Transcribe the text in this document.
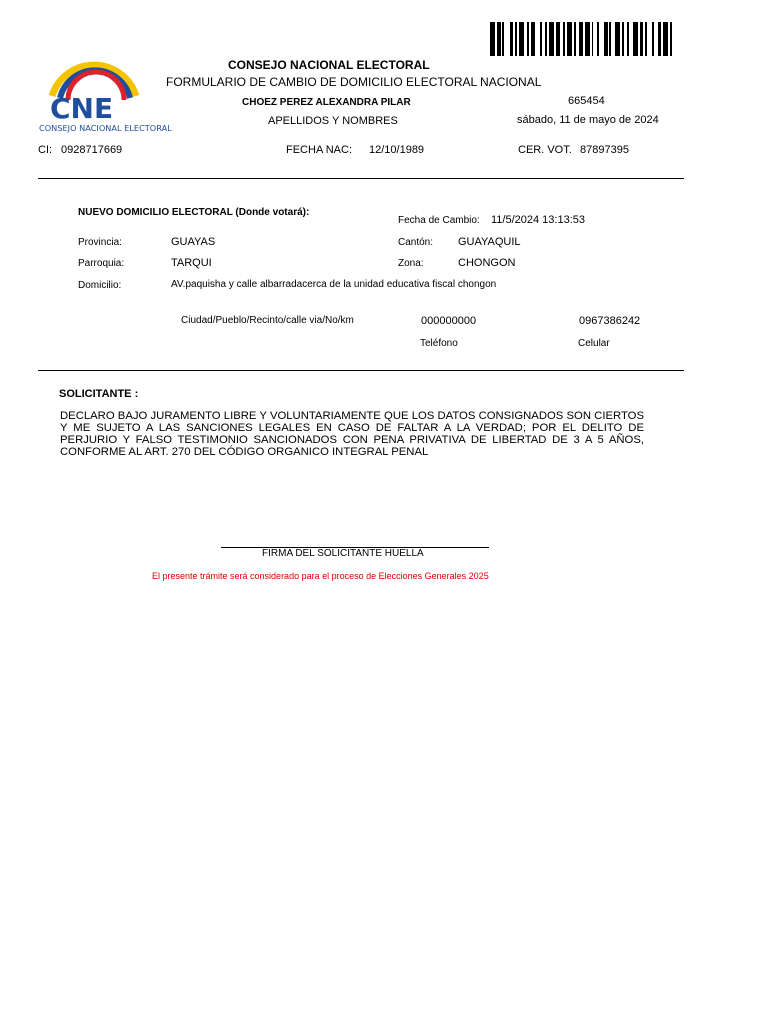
CNE
CONSEJO NACIONAL ELECTORAL
CONSEJO NACIONAL ELECTORAL
FORMULARIO DE CAMBIO DE DOMICILIO ELECTORAL NACIONAL
CHOEZ PEREZ ALEXANDRA PILAR
APELLIDOS Y NOMBRES
665454
sábado, 11 de mayo de 2024
CI: 0928717669	FECHA NAC: 12/10/1989	CER. VOT. 87897395
NUEVO DOMICILIO ELECTORAL (Donde votará):
Fecha de Cambio: 11/5/2024 13:13:53
Provincia:	GUAYAS	Cantón: GUAYAQUIL
Parroquia:	TARQUI	Zona:	CHONGON
Domicilio:	AV.paquisha y calle albarradacerca de la unidad educativa fiscal chongon
Ciudad/Pueblo/Recinto/calle via/No/km	000000000	0967386242
Teléfono	Celular
SOLICITANTE :
DECLARO BAJO JURAMENTO LIBRE Y VOLUNTARIAMENTE QUE LOS DATOS CONSIGNADOS SON CIERTOS Y ME SUJETO A LAS SANCIONES LEGALES EN CASO DE FALTAR A LA VERDAD; POR EL DELITO DE PERJURIO Y FALSO TESTIMONIO SANCIONADOS CON PENA PRIVATIVA DE LIBERTAD DE 3 A 5 AÑOS, CONFORME AL ART. 270 DEL CÓDIGO ORGANICO INTEGRAL PENAL
FIRMA DEL SOLICITANTE HUELLA
El presente trámite será considerado para el proceso de Elecciones Generales 2025
